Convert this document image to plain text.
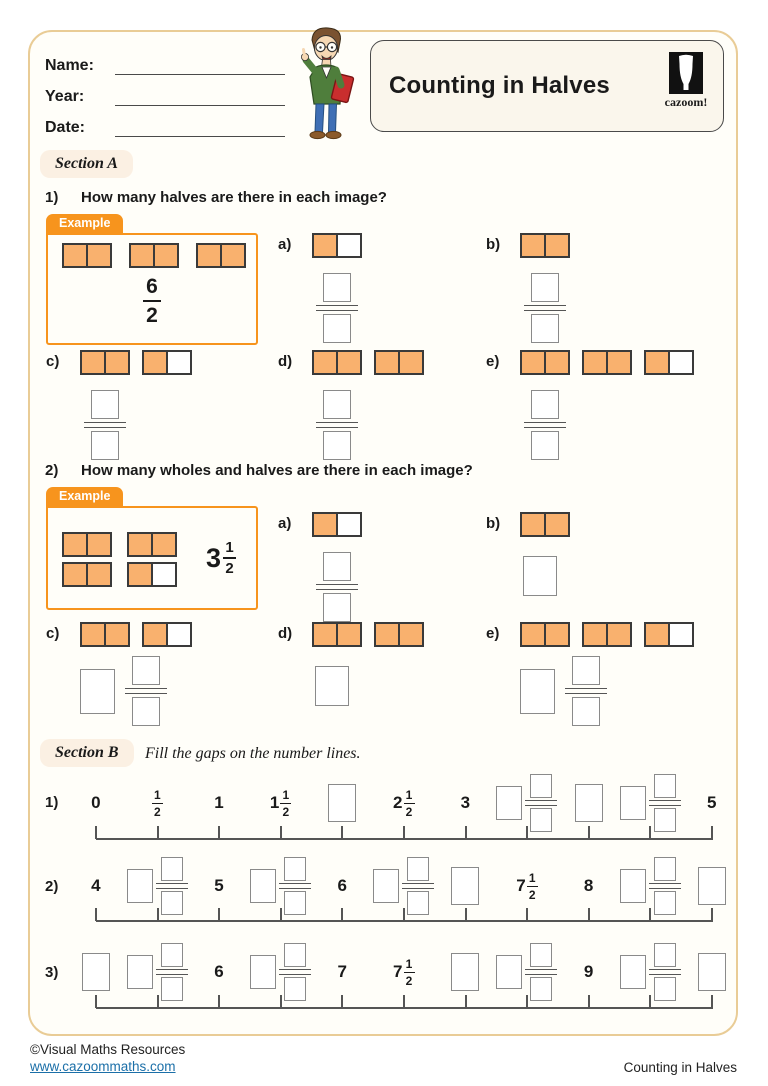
Name:
Year:
Date:
Counting in Halves
cazoom!
Section A
1) How many halves are there in each image?
Example
6
2
2) How many wholes and halves are there in each image?
Example
3 1
2
Section B	Fill the gaps on the number lines.
©Visual Maths Resources
www.cazoommaths.com	Counting in Halves
a)	b)
c)	d)	e)
a)	b)
c)	d)	e)
1) 0	1
2	1	1 1
2	2 1
2	3	5
2) 4	5	6	7 1
2	8
3)	6	7	7 1
2	9
